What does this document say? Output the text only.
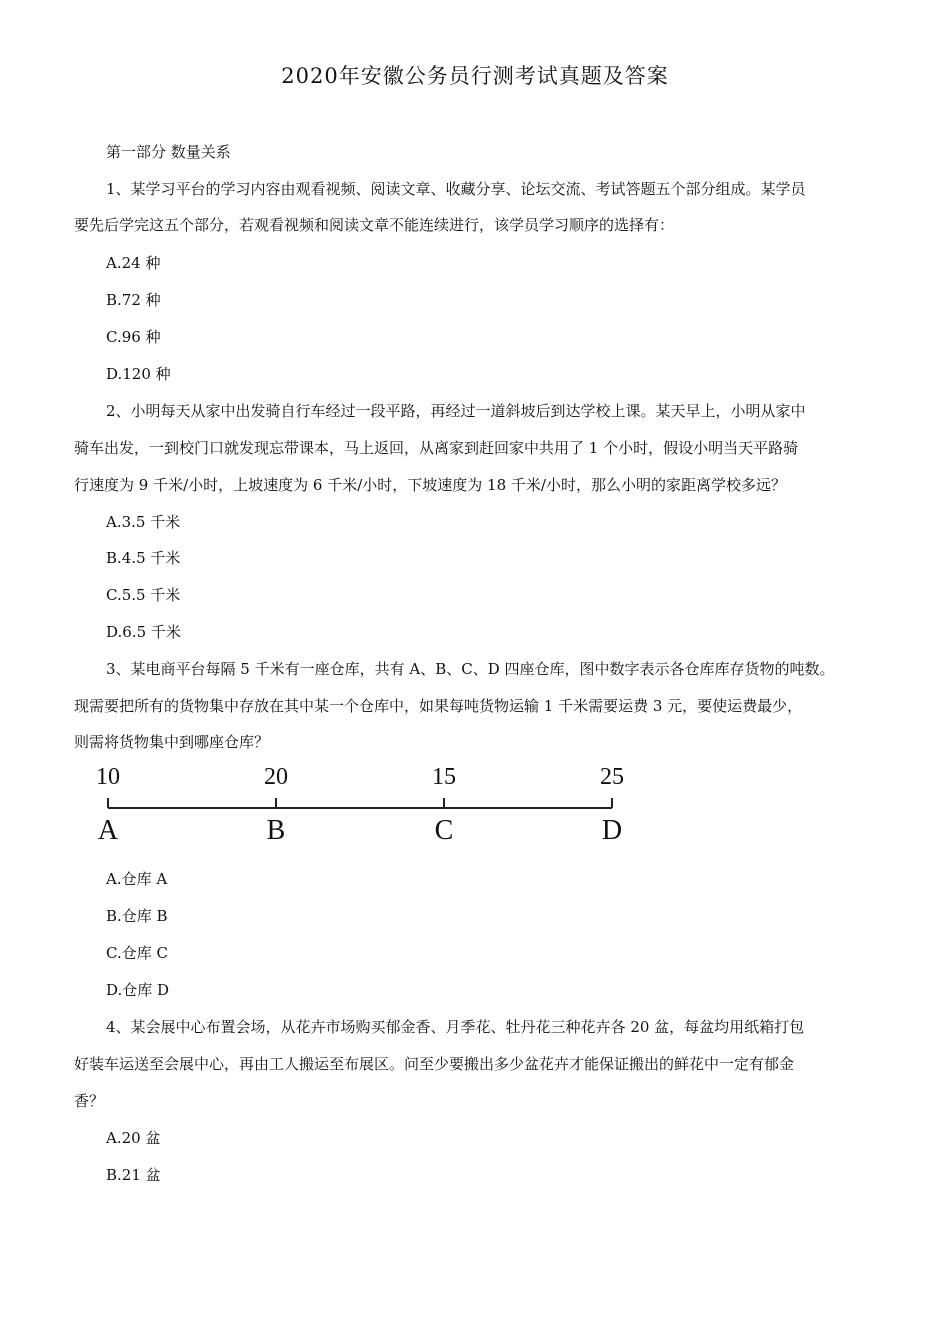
2020年安徽公务员行测考试真题及答案
第一部分 数量关系
1、某学习平台的学习内容由观看视频、阅读文章、收藏分享、论坛交流、考试答题五个部分组成。某学员
要先后学完这五个部分，若观看视频和阅读文章不能连续进行，该学员学习顺序的选择有：
A.24 种
B.72 种
C.96 种
D.120 种
2、小明每天从家中出发骑自行车经过一段平路，再经过一道斜坡后到达学校上课。某天早上，小明从家中
骑车出发，一到校门口就发现忘带课本，马上返回，从离家到赶回家中共用了 1 个小时，假设小明当天平路骑
行速度为 9 千米/小时，上坡速度为 6 千米/小时，下坡速度为 18 千米/小时，那么小明的家距离学校多远？
A.3.5 千米
B.4.5 千米
C.5.5 千米
D.6.5 千米
3、某电商平台每隔 5 千米有一座仓库，共有 A、B、C、D 四座仓库，图中数字表示各仓库库存货物的吨数。
现需要把所有的货物集中存放在其中某一个仓库中，如果每吨货物运输 1 千米需要运费 3 元，要使运费最少，
则需将货物集中到哪座仓库？
10	20	15	25
A	B	C	D
A.仓库 A
B.仓库 B
C.仓库 C
D.仓库 D
4、某会展中心布置会场，从花卉市场购买郁金香、月季花、牡丹花三种花卉各 20 盆，每盆均用纸箱打包
好装车运送至会展中心，再由工人搬运至布展区。问至少要搬出多少盆花卉才能保证搬出的鲜花中一定有郁金
香？
A.20 盆
B.21 盆
